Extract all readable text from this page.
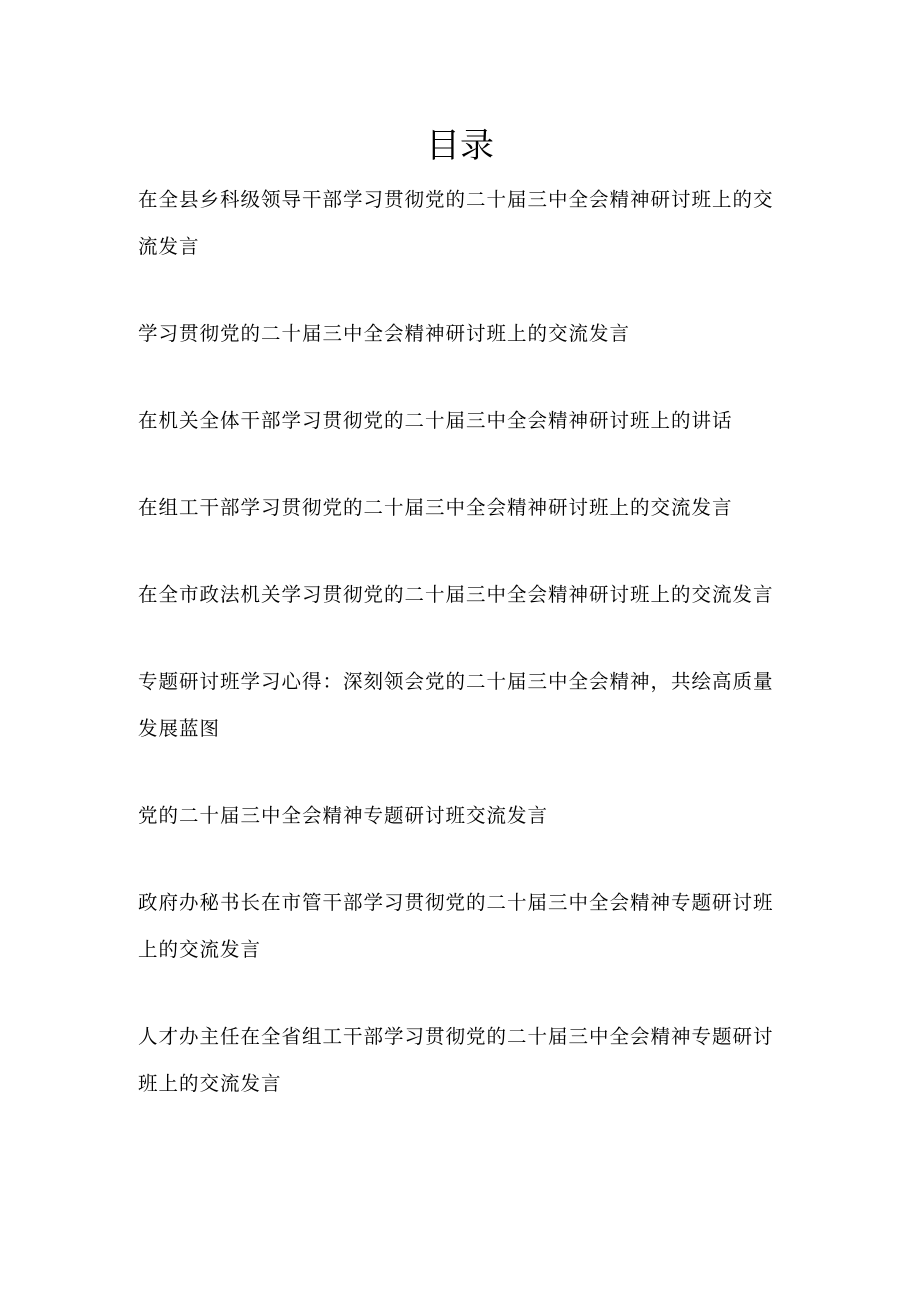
目录
在全县乡科级领导干部学习贯彻党的二十届三中全会精神研讨班上的交流发言
学习贯彻党的二十届三中全会精神研讨班上的交流发言
在机关全体干部学习贯彻党的二十届三中全会精神研讨班上的讲话
在组工干部学习贯彻党的二十届三中全会精神研讨班上的交流发言
在全市政法机关学习贯彻党的二十届三中全会精神研讨班上的交流发言
专题研讨班学习心得：深刻领会党的二十届三中全会精神，共绘高质量发展蓝图
党的二十届三中全会精神专题研讨班交流发言
政府办秘书长在市管干部学习贯彻党的二十届三中全会精神专题研讨班上的交流发言
人才办主任在全省组工干部学习贯彻党的二十届三中全会精神专题研讨班上的交流发言
